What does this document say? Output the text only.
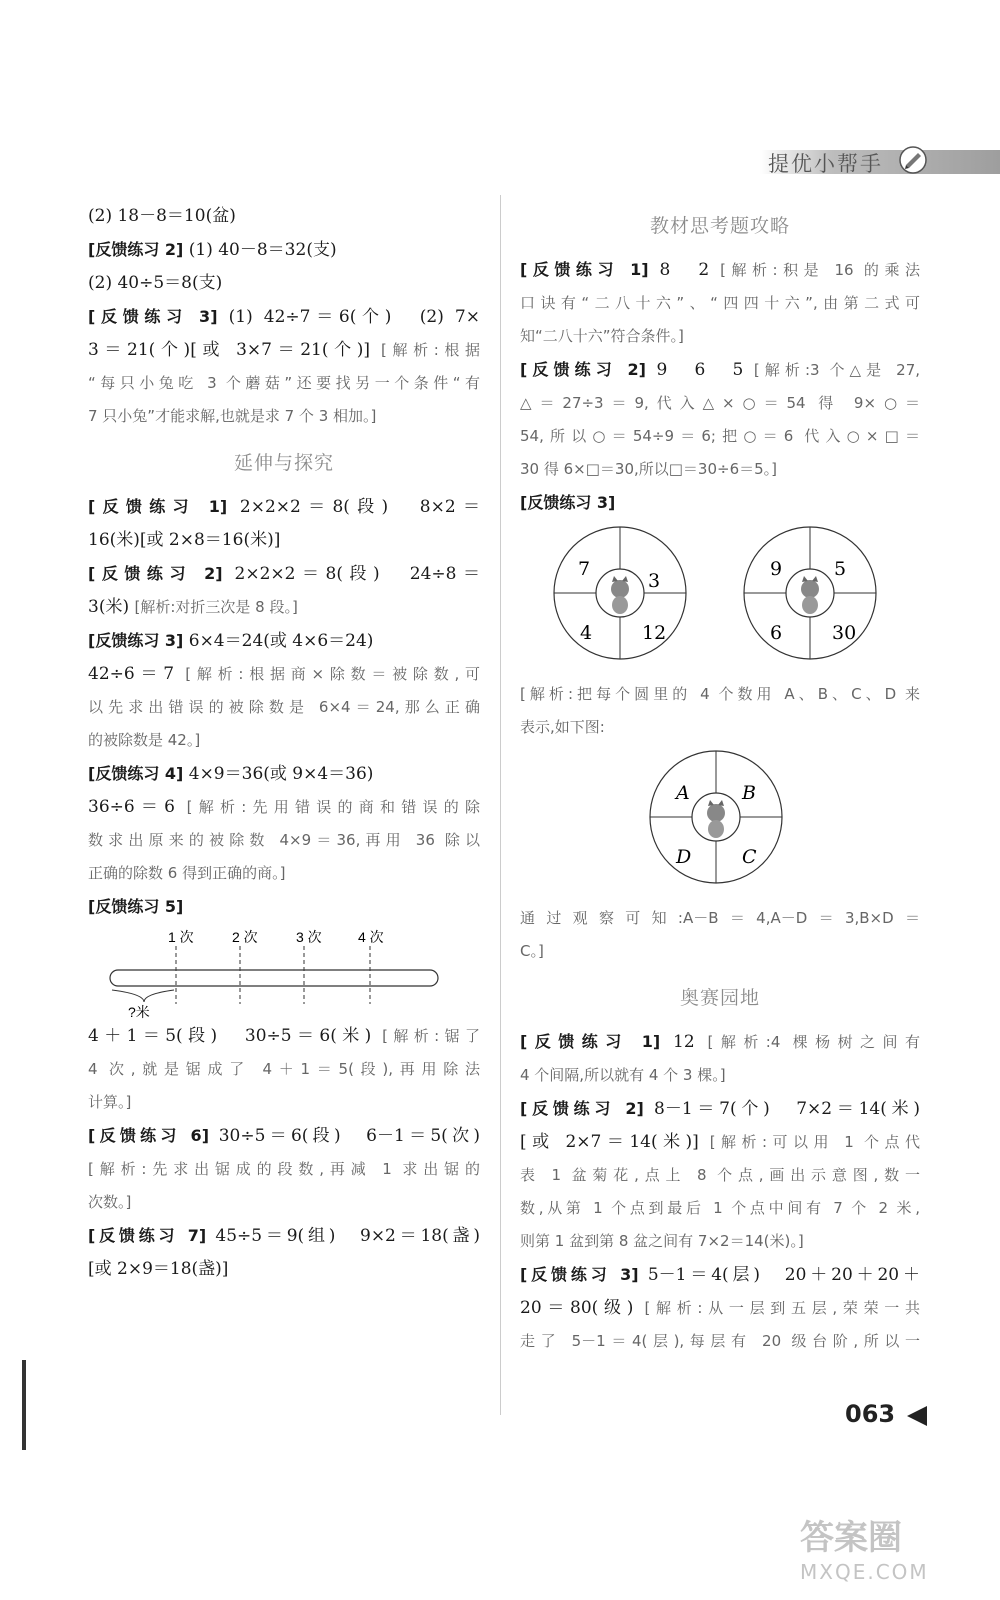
提优小帮手
(2) 18－8＝10(盆)
[反馈练习 2] (1) 40－8＝32(支)
(2) 40÷5＝8(支)
[反馈练习 3] (1) 42÷7＝6(个)　(2) 7×
3＝21(个)[或 3×7＝21(个)] [解析:根据
“每只小兔吃 3 个蘑菇”还要找另一个条件“有
7 只小兔”才能求解,也就是求 7 个 3 相加。]
延伸与探究
[反馈练习 1] 2×2×2＝8(段)　8×2＝
16(米)[或 2×8＝16(米)]
[反馈练习 2] 2×2×2＝8(段)　24÷8＝
3(米) [解析:对折三次是 8 段。]
[反馈练习 3] 6×4＝24(或 4×6＝24)
42÷6＝7 [解析:根据商×除数＝被除数,可
以先求出错误的被除数是 6×4＝24,那么正确
的被除数是 42。]
[反馈练习 4] 4×9＝36(或 9×4＝36)
36÷6＝6 [解析:先用错误的商和错误的除
数求出原来的被除数 4×9＝36,再用 36 除以
正确的除数 6 得到正确的商。]
[反馈练习 5]
1 次	2 次	3 次	4 次
?米
4＋1＝5(段)　30÷5＝6(米) [解析:锯了
4 次,就是锯成了 4＋1＝5(段),再用除法
计算。]
[反馈练习 6] 30÷5＝6(段)　6－1＝5(次)
[解析:先求出锯成的段数,再减 1 求出锯的
次数。]
[反馈练习 7] 45÷5＝9(组)　9×2＝18(盏)
[或 2×9＝18(盏)]
教材思考题攻略
[反馈练习 1] 8　2 [解析:积是 16 的乘法
口诀有“二八十六”、“四四十六”,由第二式可
知“二八十六”符合条件。]
[反馈练习 2] 9　6　5 [解析:3 个△是 27,
△＝27÷3＝9,代入△×○＝54 得 9×○＝
54,所以○＝54÷9＝6;把○＝6 代入○×□＝
30 得 6×□＝30,所以□＝30÷6＝5。]
[反馈练习 3]
7
3
4	12
9	5
6	30
[解析:把每个圆里的 4 个数用 A、B、C、D 来
表示,如下图:
A	B
D	C
通过观察可知:A－B＝4,A－D＝3,B×D＝
C。]
奥赛园地
[反馈练习 1] 12 [解析:4 棵杨树之间有
4 个间隔,所以就有 4 个 3 棵。]
[反馈练习 2] 8－1＝7(个)　7×2＝14(米)
[或 2×7＝14(米)] [解析:可以用 1 个点代
表 1 盆菊花,点上 8 个点,画出示意图,数一
数,从第 1 个点到最后 1 个点中间有 7 个 2 米,
则第 1 盆到第 8 盆之间有 7×2＝14(米)。]
[反馈练习 3] 5－1＝4(层)　20＋20＋20＋
20＝80(级) [解析:从一层到五层,荣荣一共
走了 5－1＝4(层),每层有 20 级台阶,所以一
063
答案圈
MXQE.COM
